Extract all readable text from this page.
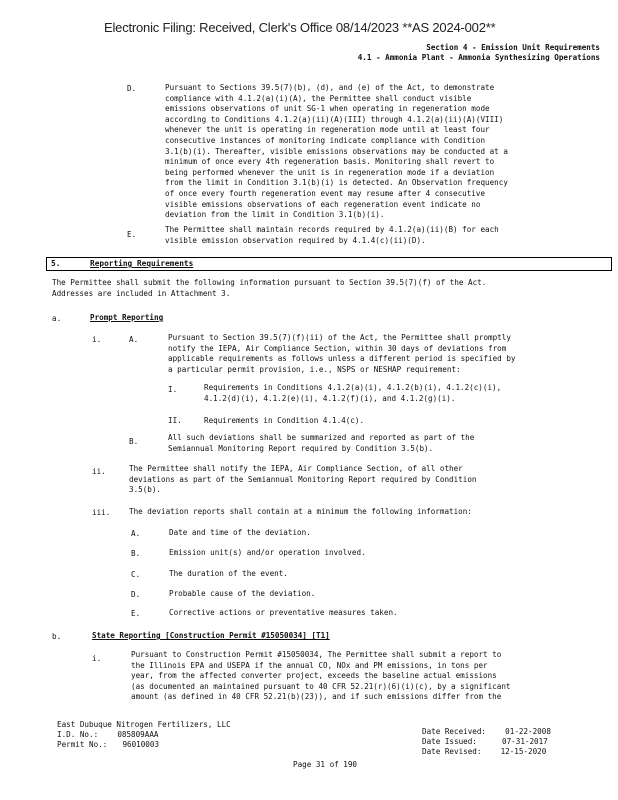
Electronic Filing: Received, Clerk's Office 08/14/2023 **AS 2024-002**
Section 4 - Emission Unit Requirements
4.1 - Ammonia Plant - Ammonia Synthesizing Operations
D.	Pursuant to Sections 39.5(7)(b), (d), and (e) of the Act, to demonstrate
compliance with 4.1.2(a)(i)(A), the Permittee shall conduct visible
emissions observations of unit SG-1 when operating in regeneration mode
according to Conditions 4.1.2(a)(ii)(A)(III) through 4.1.2(a)(ii)(A)(VIII)
whenever the unit is operating in regeneration mode until at least four
consecutive instances of monitoring indicate compliance with Condition
3.1(b)(i). Thereafter, visible emissions observations may be conducted at a
minimum of once every 4th regeneration basis. Monitoring shall revert to
being performed whenever the unit is in regeneration mode if a deviation
from the limit in Condition 3.1(b)(i) is detected. An Observation frequency
of once every fourth regeneration event may resume after 4 consecutive
visible emissions observations of each regeneration event indicate no
deviation from the limit in Condition 3.1(b)(i).
E.
The Permittee shall maintain records required by 4.1.2(a)(ii)(B) for each
visible emission observation required by 4.1.4(c)(ii)(D).
5.	Reporting Requirements
The Permittee shall submit the following information pursuant to Section 39.5(7)(f) of the Act.
Addresses are included in Attachment 3.
a.	Prompt Reporting
i.	A.	Pursuant to Section 39.5(7)(f)(ii) of the Act, the Permittee shall promptly
notify the IEPA, Air Compliance Section, within 30 days of deviations from
applicable requirements as follows unless a different period is specified by
a particular permit provision, i.e., NSPS or NESHAP requirement:
I.	Requirements in Conditions 4.1.2(a)(i), 4.1.2(b)(i), 4.1.2(c)(i),
4.1.2(d)(i), 4.1.2(e)(i), 4.1.2(f)(i), and 4.1.2(g)(i).
II.	Requirements in Condition 4.1.4(c).
B.	All such deviations shall be summarized and reported as part of the
Semiannual Monitoring Report required by Condition 3.5(b).
ii.	The Permittee shall notify the IEPA, Air Compliance Section, of all other
deviations as part of the Semiannual Monitoring Report required by Condition
3.5(b).
iii. The deviation reports shall contain at a minimum the following information:
A.	Date and time of the deviation.
B.	Emission unit(s) and/or operation involved.
C.	The duration of the event.
D.	Probable cause of the deviation.
E.	Corrective actions or preventative measures taken.
b.	State Reporting [Construction Permit #15050034] [T1]
i.	Pursuant to Construction Permit #15050034, The Permittee shall submit a report to
the Illinois EPA and USEPA if the annual CO, NOx and PM emissions, in tons per
year, from the affected converter project, exceeds the baseline actual emissions
(as documented an maintained pursuant to 40 CFR 52.21(r)(6)(i)(c), by a significant
amount (as defined in 40 CFR 52.21(b)(23)), and if such emissions differ from the
East Dubuque Nitrogen Fertilizers, LLC
I.D. No.:	085809AAA
Permit No.: 96010003
Date Received:	01-22-2008
Date Issued:	07-31-2017
Date Revised:	12-15-2020
Page 31 of 190
